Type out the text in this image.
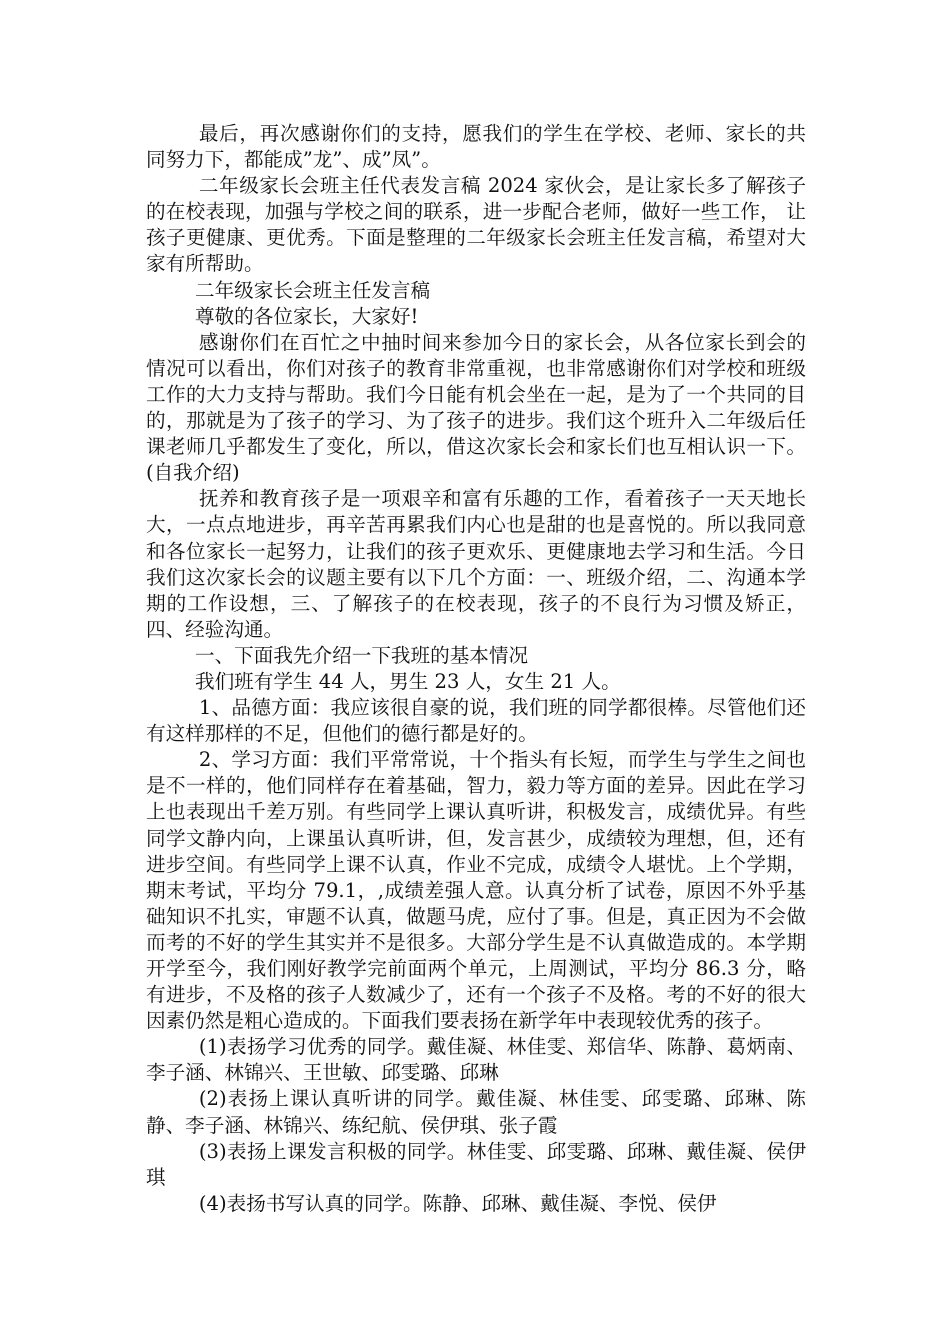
最后，再次感谢你们的支持，愿我们的学生在学校、老师、家长的共同努力下，都能成”龙”、成”凤”。

二年级家长会班主任代表发言稿 2024 家伙会，是让家长多了解孩子的在校表现，加强与学校之间的联系，进一步配合老师，做好一些工作， 让孩子更健康、更优秀。下面是整理的二年级家长会班主任发言稿，希望对大家有所帮助。

二年级家长会班主任发言稿

尊敬的各位家长，大家好!

感谢你们在百忙之中抽时间来参加今日的家长会，从各位家长到会的情况可以看出，你们对孩子的教育非常重视，也非常感谢你们对学校和班级工作的大力支持与帮助。我们今日能有机会坐在一起，是为了一个共同的目的，那就是为了孩子的学习、为了孩子的进步。我们这个班升入二年级后任课老师几乎都发生了变化，所以，借这次家长会和家长们也互相认识一下。(自我介绍)

抚养和教育孩子是一项艰辛和富有乐趣的工作，看着孩子一天天地长大，一点点地进步，再辛苦再累我们内心也是甜的也是喜悦的。所以我同意和各位家长一起努力，让我们的孩子更欢乐、更健康地去学习和生活。今日我们这次家长会的议题主要有以下几个方面：一、班级介绍，二、沟通本学期的工作设想，三、了解孩子的在校表现，孩子的不良行为习惯及矫正，四、经验沟通。

一、下面我先介绍一下我班的基本情况

我们班有学生 44 人，男生 23 人，女生 21 人。

1、品德方面：我应该很自豪的说，我们班的同学都很棒。尽管他们还有这样那样的不足，但他们的德行都是好的。

2、学习方面：我们平常常说，十个指头有长短，而学生与学生之间也是不一样的，他们同样存在着基础，智力，毅力等方面的差异。因此在学习上也表现出千差万别。有些同学上课认真听讲，积极发言，成绩优异。有些同学文静内向，上课虽认真听讲，但，发言甚少，成绩较为理想，但，还有进步空间。有些同学上课不认真，作业不完成，成绩令人堪忧。上个学期，期末考试，平均分 79.1，,成绩差强人意。认真分析了试卷，原因不外乎基础知识不扎实，审题不认真，做题马虎，应付了事。但是，真正因为不会做而考的不好的学生其实并不是很多。大部分学生是不认真做造成的。本学期开学至今，我们刚好教学完前面两个单元，上周测试，平均分 86.3 分，略有进步，不及格的孩子人数减少了，还有一个孩子不及格。考的不好的很大因素仍然是粗心造成的。下面我们要表扬在新学年中表现较优秀的孩子。

(1)表扬学习优秀的同学。戴佳凝、林佳雯、郑信华、陈静、葛炳南、李子涵、林锦兴、王世敏、邱雯璐、邱琳

(2)表扬上课认真听讲的同学。戴佳凝、林佳雯、邱雯璐、邱琳、陈静、李子涵、林锦兴、练纪航、侯伊琪、张子霞

(3)表扬上课发言积极的同学。林佳雯、邱雯璐、邱琳、戴佳凝、侯伊琪

(4)表扬书写认真的同学。陈静、邱琳、戴佳凝、李悦、侯伊
